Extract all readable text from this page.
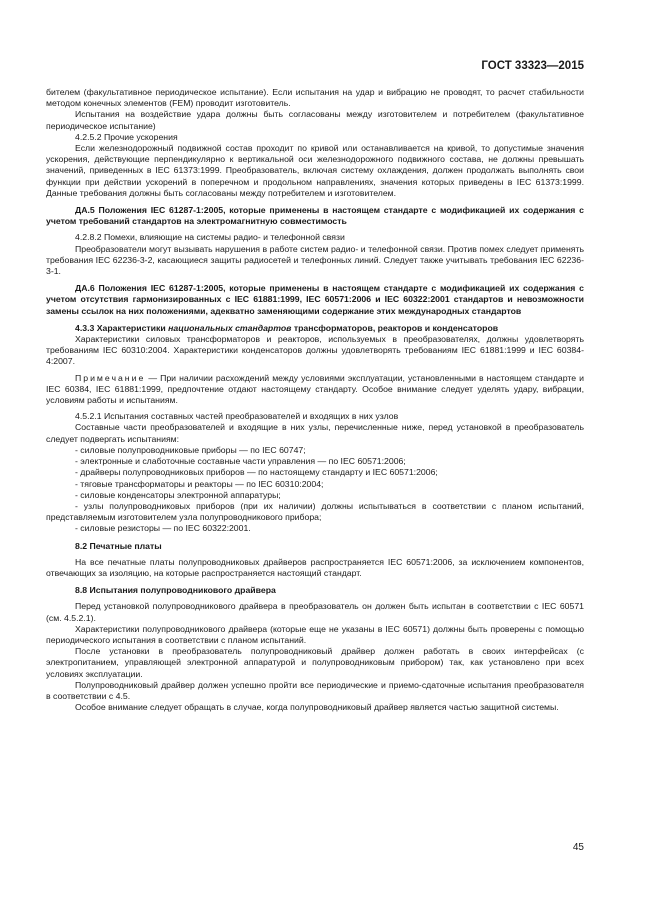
ГОСТ 33323—2015

бителем (факультативное периодическое испытание). Если испытания на удар и вибрацию не проводят, то расчет стабильности методом конечных элементов (FEM) проводит изготовитель.

Испытания на воздействие удара должны быть согласованы между изготовителем и потребителем (факультативное периодическое испытание)

4.2.5.2 Прочие ускорения

Если железнодорожный подвижной состав проходит по кривой или останавливается на кривой, то допустимые значения ускорения, действующие перпендикулярно к вертикальной оси железнодорожного подвижного состава, не должны превышать значений, приведенных в IEC 61373:1999. Преобразователь, включая систему охлаждения, должен продолжать выполнять свои функции при действии ускорений в поперечном и продольном направлениях, значения которых приведены в IEC 61373:1999. Данные требования должны быть согласованы между потребителем и изготовителем.

ДА.5 Положения IEC 61287-1:2005, которые применены в настоящем стандарте с модификацией их содержания с учетом требований стандартов на электромагнитную совместимость

4.2.8.2 Помехи, влияющие на системы радио- и телефонной связи

Преобразователи могут вызывать нарушения в работе систем радио- и телефонной связи. Против помех следует применять требования IEC 62236-3-2, касающиеся защиты радиосетей и телефонных линий. Следует также учитывать требования IEC 62236-3-1.

ДА.6 Положения IEC 61287-1:2005, которые применены в настоящем стандарте с модификацией их содержания с учетом отсутствия гармонизированных с IEC 61881:1999, IEC 60571:2006 и IEC 60322:2001 стандартов и невозможности замены ссылок на них положениями, адекватно заменяющими содержание этих международных стандартов

4.3.3 Характеристики национальных стандартов трансформаторов, реакторов и конденсаторов

Характеристики силовых трансформаторов и реакторов, используемых в преобразователях, должны удовлетворять требованиям IEC 60310:2004. Характеристики конденсаторов должны удовлетворять требованиям IEC 61881:1999 и IEC 60384-4:2007.

Примечание — При наличии расхождений между условиями эксплуатации, установленными в настоящем стандарте и IEC 60384, IEC 61881:1999, предпочтение отдают настоящему стандарту. Особое внимание следует уделять удару, вибрации, условиям работы и испытаниям.

4.5.2.1 Испытания составных частей преобразователей и входящих в них узлов

Составные части преобразователей и входящие в них узлы, перечисленные ниже, перед установкой в преобразователь следует подвергать испытаниям:

- силовые полупроводниковые приборы — по IEC 60747;

- электронные и слаботочные составные части управления — по IEC 60571:2006;

- драйверы полупроводниковых приборов — по настоящему стандарту и IEC 60571:2006;

- тяговые трансформаторы и реакторы — по IEC 60310:2004;

- силовые конденсаторы электронной аппаратуры;

- узлы полупроводниковых приборов (при их наличии) должны испытываться в соответствии с планом испытаний, представляемым изготовителем узла полупроводникового прибора;

- силовые резисторы — по IEC 60322:2001.

8.2 Печатные платы

На все печатные платы полупроводниковых драйверов распространяется IEC 60571:2006, за исключением компонентов, отвечающих за изоляцию, на которые распространяется настоящий стандарт.

8.8 Испытания полупроводникового драйвера

Перед установкой полупроводникового драйвера в преобразователь он должен быть испытан в соответствии с IEC 60571 (см. 4.5.2.1).

Характеристики полупроводникового драйвера (которые еще не указаны в IEC 60571) должны быть проверены с помощью периодического испытания в соответствии с планом испытаний.

После установки в преобразователь полупроводниковый драйвер должен работать в своих интерфейсах (с электропитанием, управляющей электронной аппаратурой и полупроводниковым прибором) так, как установлено при всех условиях эксплуатации.

Полупроводниковый драйвер должен успешно пройти все периодические и приемо-сдаточные испытания преобразователя в соответствии с 4.5.

Особое внимание следует обращать в случае, когда полупроводниковый драйвер является частью защитной системы.

45
